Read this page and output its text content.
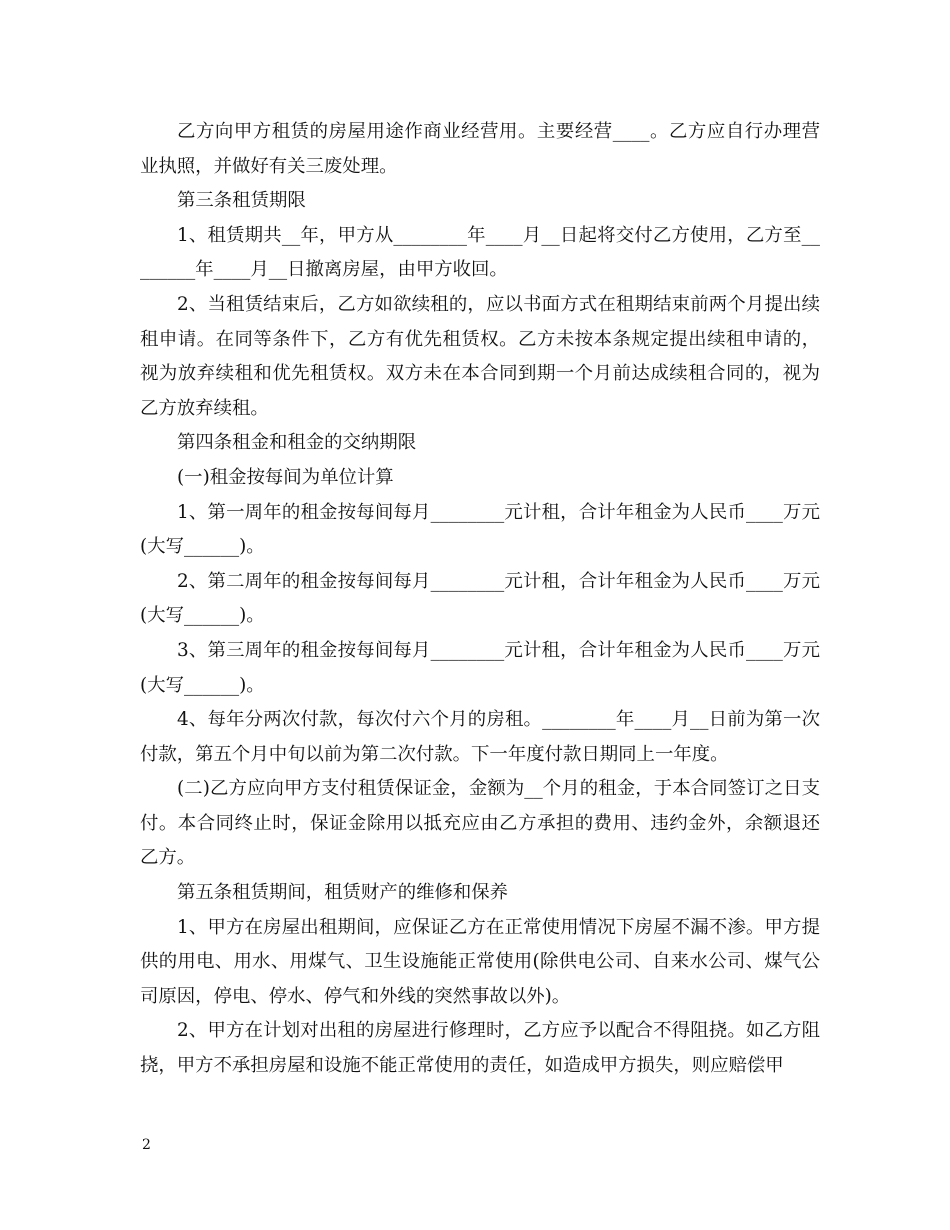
乙方向甲方租赁的房屋用途作商业经营用。主要经营____。乙方应自行办理营业执照，并做好有关三废处理。

第三条租赁期限

1、租赁期共__年，甲方从________年____月__日起将交付乙方使用，乙方至________年____月__日撤离房屋，由甲方收回。

2、当租赁结束后，乙方如欲续租的，应以书面方式在租期结束前两个月提出续租申请。在同等条件下，乙方有优先租赁权。乙方未按本条规定提出续租申请的，视为放弃续租和优先租赁权。双方未在本合同到期一个月前达成续租合同的，视为乙方放弃续租。

第四条租金和租金的交纳期限

(一)租金按每间为单位计算

1、第一周年的租金按每间每月________元计租，合计年租金为人民币____万元(大写______)。

2、第二周年的租金按每间每月________元计租，合计年租金为人民币____万元(大写______)。

3、第三周年的租金按每间每月________元计租，合计年租金为人民币____万元(大写______)。

4、每年分两次付款，每次付六个月的房租。________年____月__日前为第一次付款，第五个月中旬以前为第二次付款。下一年度付款日期同上一年度。

(二)乙方应向甲方支付租赁保证金，金额为__个月的租金，于本合同签订之日支付。本合同终止时，保证金除用以抵充应由乙方承担的费用、违约金外，余额退还乙方。

第五条租赁期间，租赁财产的维修和保养

1、甲方在房屋出租期间，应保证乙方在正常使用情况下房屋不漏不渗。甲方提供的用电、用水、用煤气、卫生设施能正常使用(除供电公司、自来水公司、煤气公司原因，停电、停水、停气和外线的突然事故以外)。

2、甲方在计划对出租的房屋进行修理时，乙方应予以配合不得阻挠。如乙方阻挠，甲方不承担房屋和设施不能正常使用的责任，如造成甲方损失，则应赔偿甲

2
